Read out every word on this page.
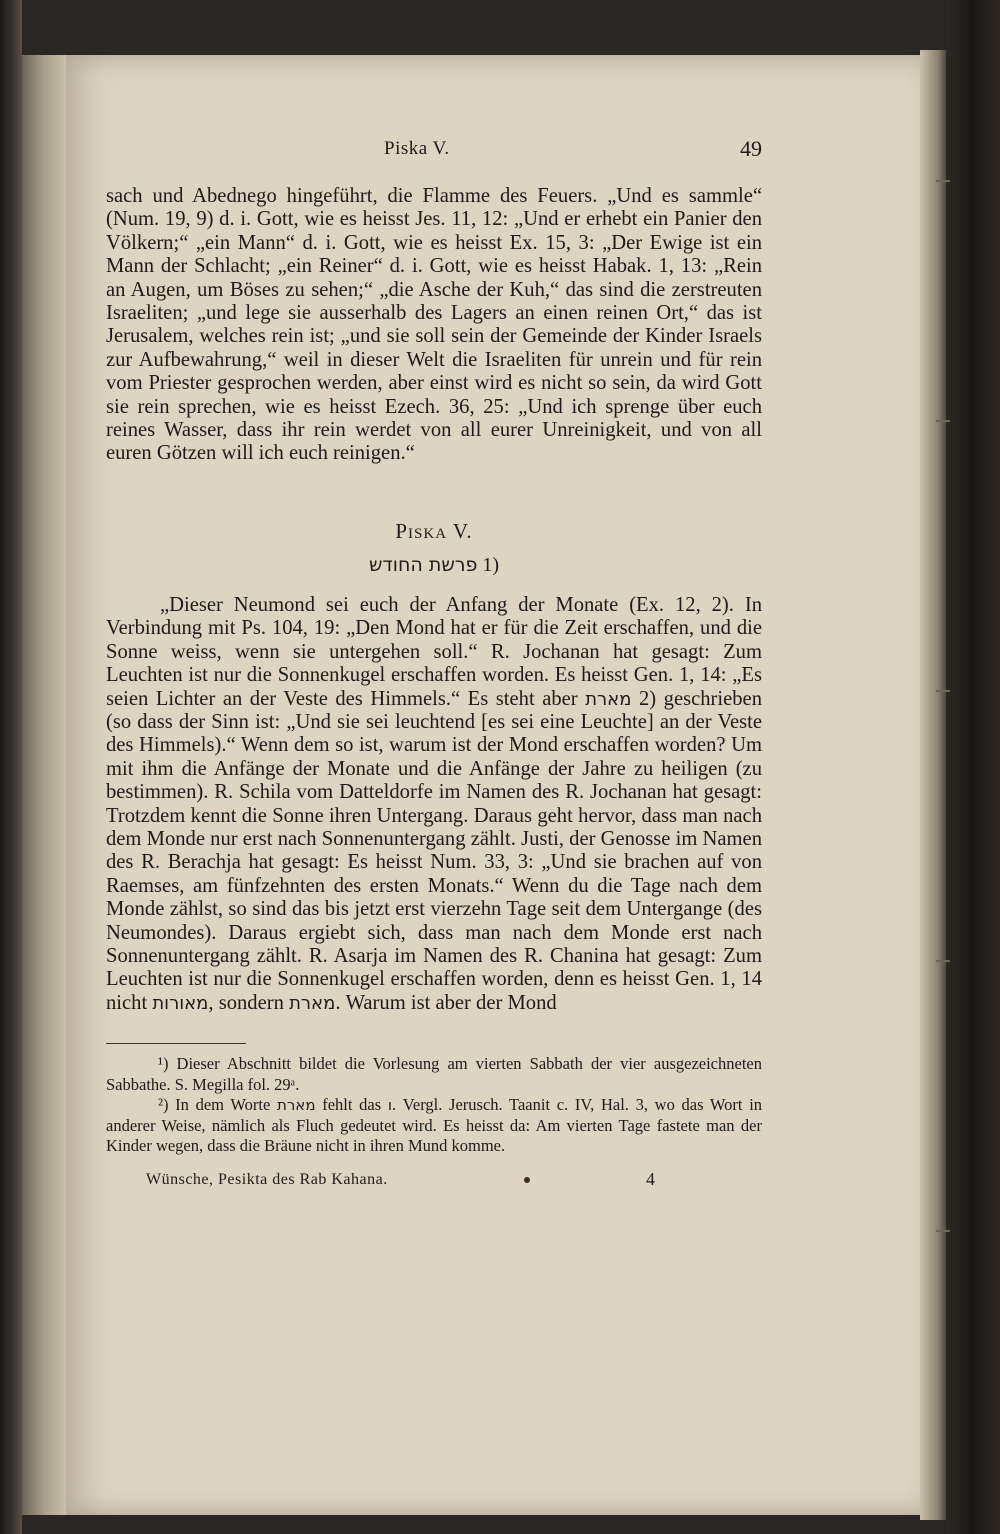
Piska V.	49

sach und Abednego hingeführt, die Flamme des Feuers. „Und es sammle“ (Num. 19, 9) d. i. Gott, wie es heisst Jes. 11, 12: „Und er erhebt ein Panier den Völkern;“ „ein Mann“ d. i. Gott, wie es heisst Ex. 15, 3: „Der Ewige ist ein Mann der Schlacht; „ein Reiner“ d. i. Gott, wie es heisst Habak. 1, 13: „Rein an Augen, um Böses zu sehen;“ „die Asche der Kuh,“ das sind die zerstreuten Israeliten; „und lege sie ausserhalb des Lagers an einen reinen Ort,“ das ist Jerusalem, welches rein ist; „und sie soll sein der Gemeinde der Kinder Israels zur Aufbewahrung,“ weil in dieser Welt die Israeliten für unrein und für rein vom Priester gesprochen werden, aber einst wird es nicht so sein, da wird Gott sie rein sprechen, wie es heisst Ezech. 36, 25: „Und ich sprenge über euch reines Wasser, dass ihr rein werdet von all eurer Unreinigkeit, und von all euren Götzen will ich euch reinigen.“

Piska V.
פרשת החודש 1)

„Dieser Neumond sei euch der Anfang der Monate (Ex. 12, 2). In Verbindung mit Ps. 104, 19: „Den Mond hat er für die Zeit erschaffen, und die Sonne weiss, wenn sie untergehen soll.“ R. Jochanan hat gesagt: Zum Leuchten ist nur die Sonnenkugel erschaffen worden. Es heisst Gen. 1, 14: „Es seien Lichter an der Veste des Himmels.“ Es steht aber מארת 2) geschrieben (so dass der Sinn ist: „Und sie sei leuchtend [es sei eine Leuchte] an der Veste des Himmels).“ Wenn dem so ist, warum ist der Mond erschaffen worden? Um mit ihm die Anfänge der Monate und die Anfänge der Jahre zu heiligen (zu bestimmen). R. Schila vom Datteldorfe im Namen des R. Jochanan hat gesagt: Trotzdem kennt die Sonne ihren Untergang. Daraus geht hervor, dass man nach dem Monde nur erst nach Sonnenuntergang zählt. Justi, der Genosse im Namen des R. Berachja hat gesagt: Es heisst Num. 33, 3: „Und sie brachen auf von Raemses, am fünfzehnten des ersten Monats.“ Wenn du die Tage nach dem Monde zählst, so sind das bis jetzt erst vierzehn Tage seit dem Untergange (des Neumondes). Daraus ergiebt sich, dass man nach dem Monde erst nach Sonnenuntergang zählt. R. Asarja im Namen des R. Chanina hat gesagt: Zum Leuchten ist nur die Sonnenkugel erschaffen worden, denn es heisst Gen. 1, 14 nicht מאורות, sondern מארת. Warum ist aber der Mond

¹) Dieser Abschnitt bildet die Vorlesung am vierten Sabbath der vier ausgezeichneten Sabbathe. S. Megilla fol. 29ᵃ.

²) In dem Worte מארת fehlt das ו. Vergl. Jerusch. Taanit c. IV, Hal. 3, wo das Wort in anderer Weise, nämlich als Fluch gedeutet wird. Es heisst da: Am vierten Tage fastete man der Kinder wegen, dass die Bräune nicht in ihren Mund komme.

Wünsche, Pesikta des Rab Kahana.	4
